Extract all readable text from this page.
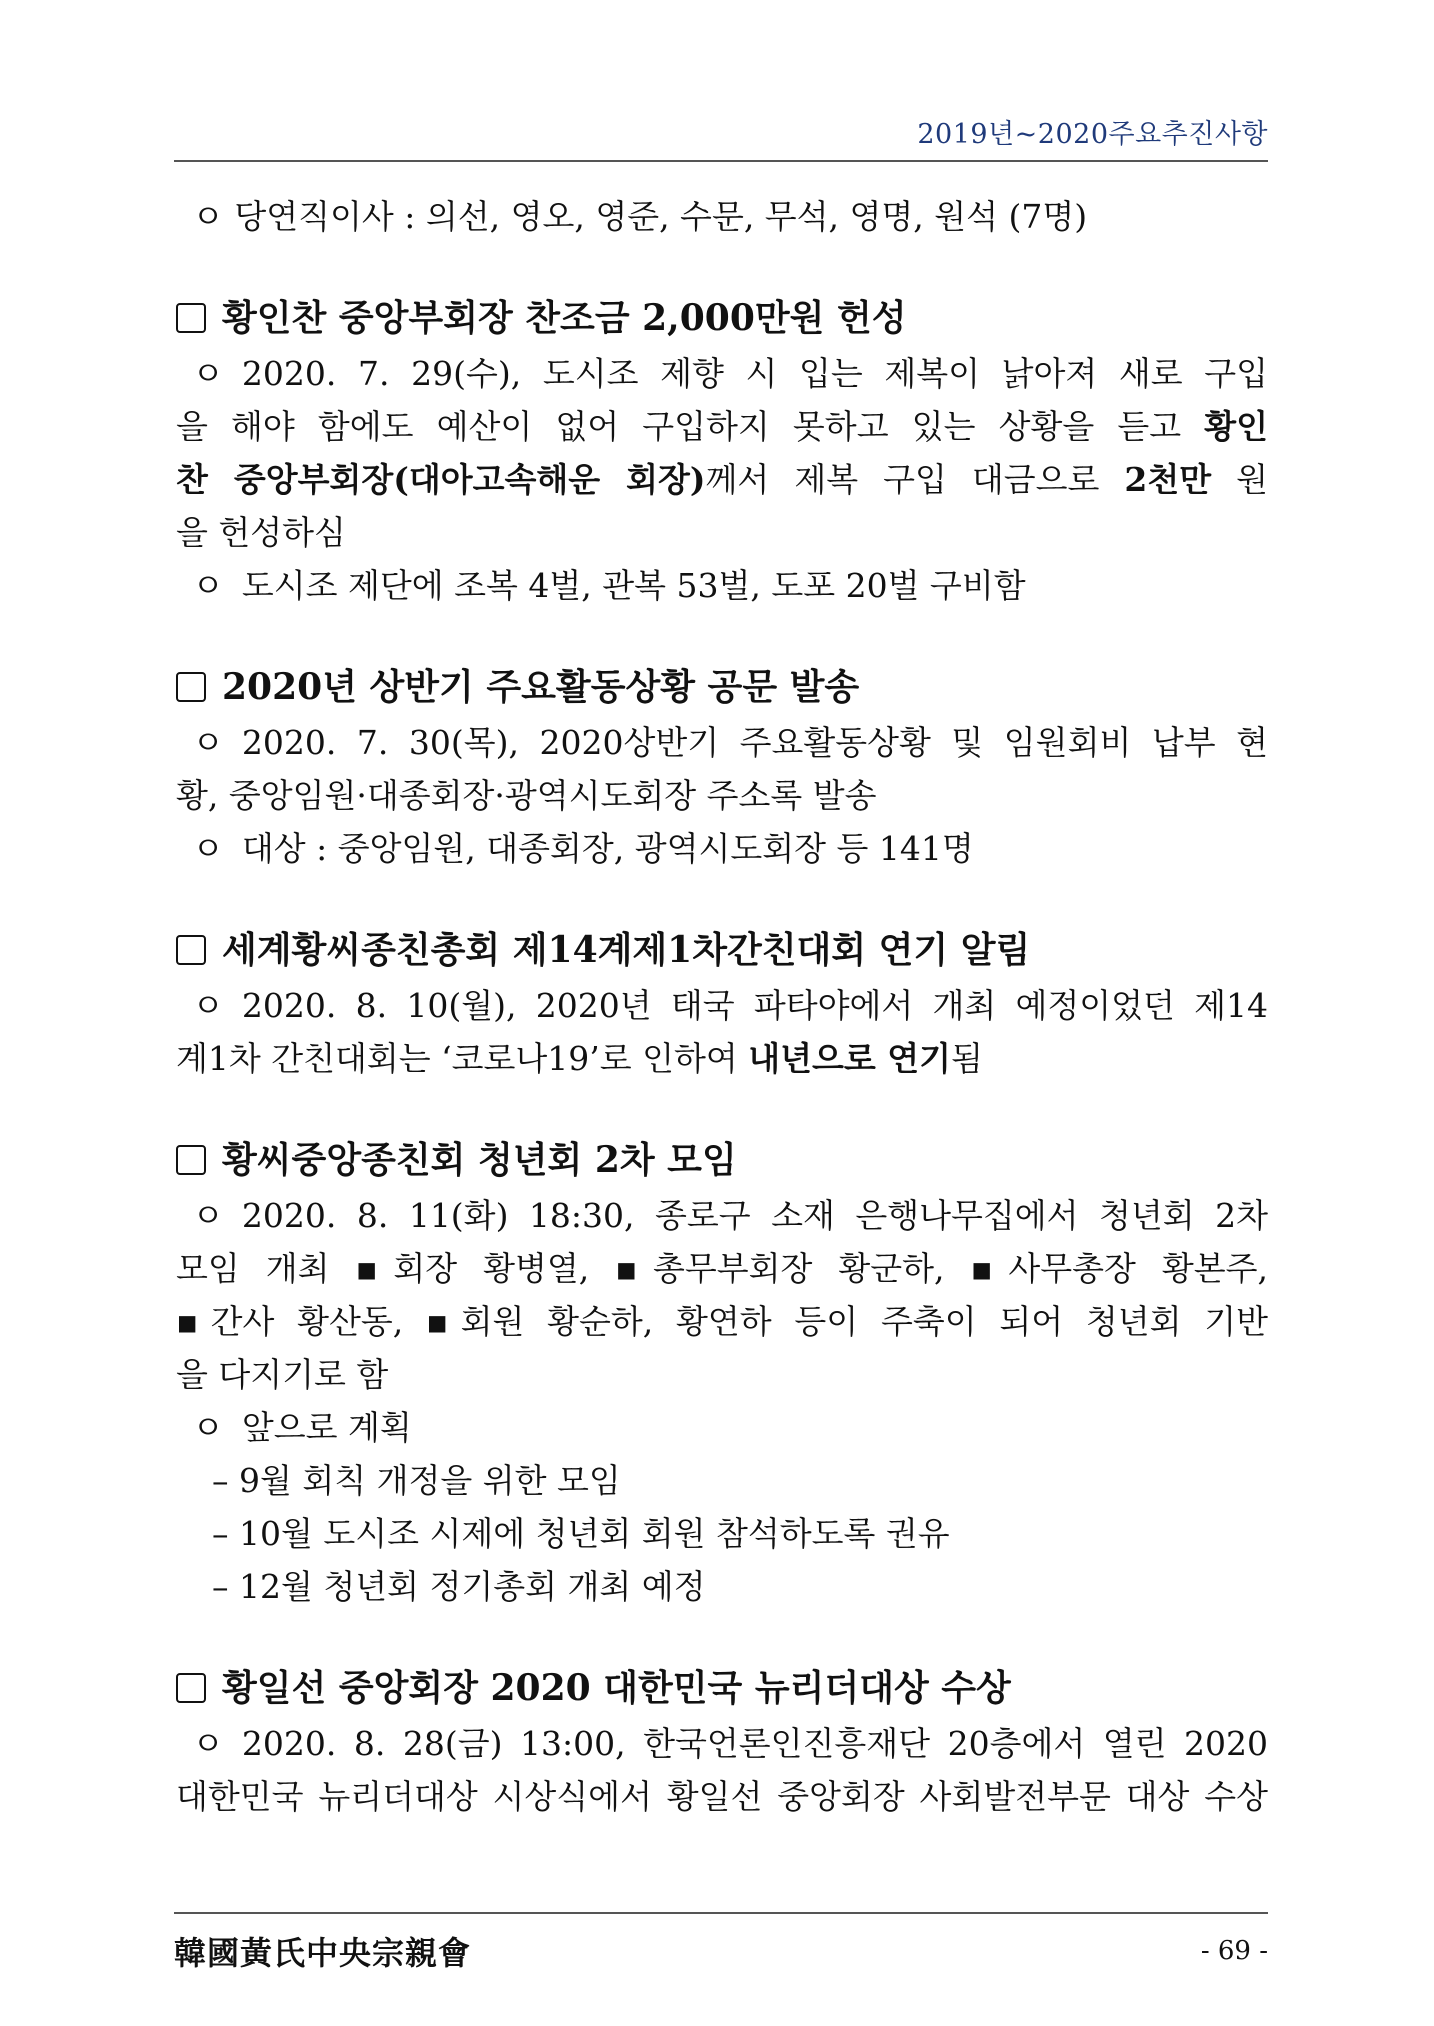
2019년~2020주요추진사항
ㅇ 당연직이사 : 의선, 영오, 영준, 수문, 무석, 영명, 원석 (7명)
황인찬 중앙부회장 찬조금 2,000만원 헌성
ㅇ 2020. 7. 29(수), 도시조 제향 시 입는 제복이 낡아져 새로 구입
을 해야 함에도 예산이 없어 구입하지 못하고 있는 상황을 듣고 황인
찬 중앙부회장(대아고속해운 회장)께서 제복 구입 대금으로 2천만 원
을 헌성하심
ㅇ 도시조 제단에 조복 4벌, 관복 53벌, 도포 20벌 구비함
2020년 상반기 주요활동상황 공문 발송
ㅇ 2020. 7. 30(목), 2020상반기 주요활동상황 및 임원회비 납부 현
황, 중앙임원·대종회장·광역시도회장 주소록 발송
ㅇ 대상 : 중앙임원, 대종회장, 광역시도회장 등 141명
세계황씨종친총회 제14계제1차간친대회 연기 알림
ㅇ 2020. 8. 10(월), 2020년 태국 파타야에서 개최 예정이었던 제14
계1차 간친대회는 ‘코로나19’로 인하여 내년으로 연기됨
황씨중앙종친회 청년회 2차 모임
ㅇ 2020. 8. 11(화) 18:30, 종로구 소재 은행나무집에서 청년회 2차
모임 개최 ▪회장 황병열, ▪총무부회장 황군하, ▪사무총장 황본주,
▪간사 황산동, ▪회원 황순하, 황연하 등이 주축이 되어 청년회 기반
을 다지기로 함
ㅇ 앞으로 계획
– 9월 회칙 개정을 위한 모임
– 10월 도시조 시제에 청년회 회원 참석하도록 권유
– 12월 청년회 정기총회 개최 예정
황일선 중앙회장 2020 대한민국 뉴리더대상 수상
ㅇ 2020. 8. 28(금) 13:00, 한국언론인진흥재단 20층에서 열린 2020
대한민국 뉴리더대상 시상식에서 황일선 중앙회장 사회발전부문 대상 수상
韓國黃氏中央宗親會	- 69 -
